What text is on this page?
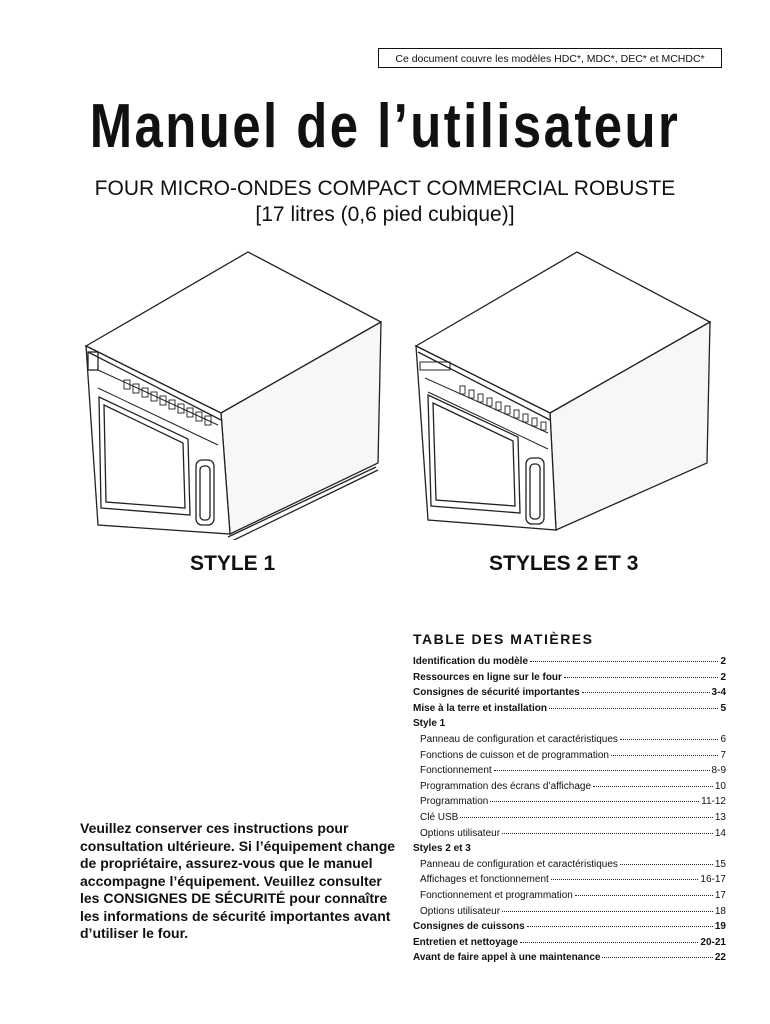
Ce document couvre les modèles HDC*, MDC*, DEC* et MCHDC*
Manuel de l’utilisateur

FOUR MICRO-ONDES COMPACT COMMERCIAL ROBUSTE

[17 litres (0,6 pied cubique)]

STYLE 1	STYLES 2 ET 3

Veuillez conserver ces instructions pour consultation ultérieure. Si l’équipement change de propriétaire, assurez-vous que le manuel accompagne l’équipement. Veuillez consulter les CONSIGNES DE SÉCURITÉ pour connaître les informations de sécurité importantes avant d’utiliser le four.

TABLE DES MATIÈRES

Identification du modèle	2
Ressources en ligne sur le four	2
Consignes de sécurité importantes	3-4
Mise à la terre et installation	5
Style 1
Panneau de configuration et caractéristiques	6
Fonctions de cuisson et de programmation	7
Fonctionnement	8-9
Programmation des écrans d’affichage	10
Programmation	11-12
Clé USB	13
Options utilisateur	14
Styles 2 et 3
Panneau de configuration et caractéristiques	15
Affichages et fonctionnement	16-17
Fonctionnement et programmation	17
Options utilisateur	18
Consignes de cuissons	19
Entretien et nettoyage	20-21
Avant de faire appel à une maintenance	22
